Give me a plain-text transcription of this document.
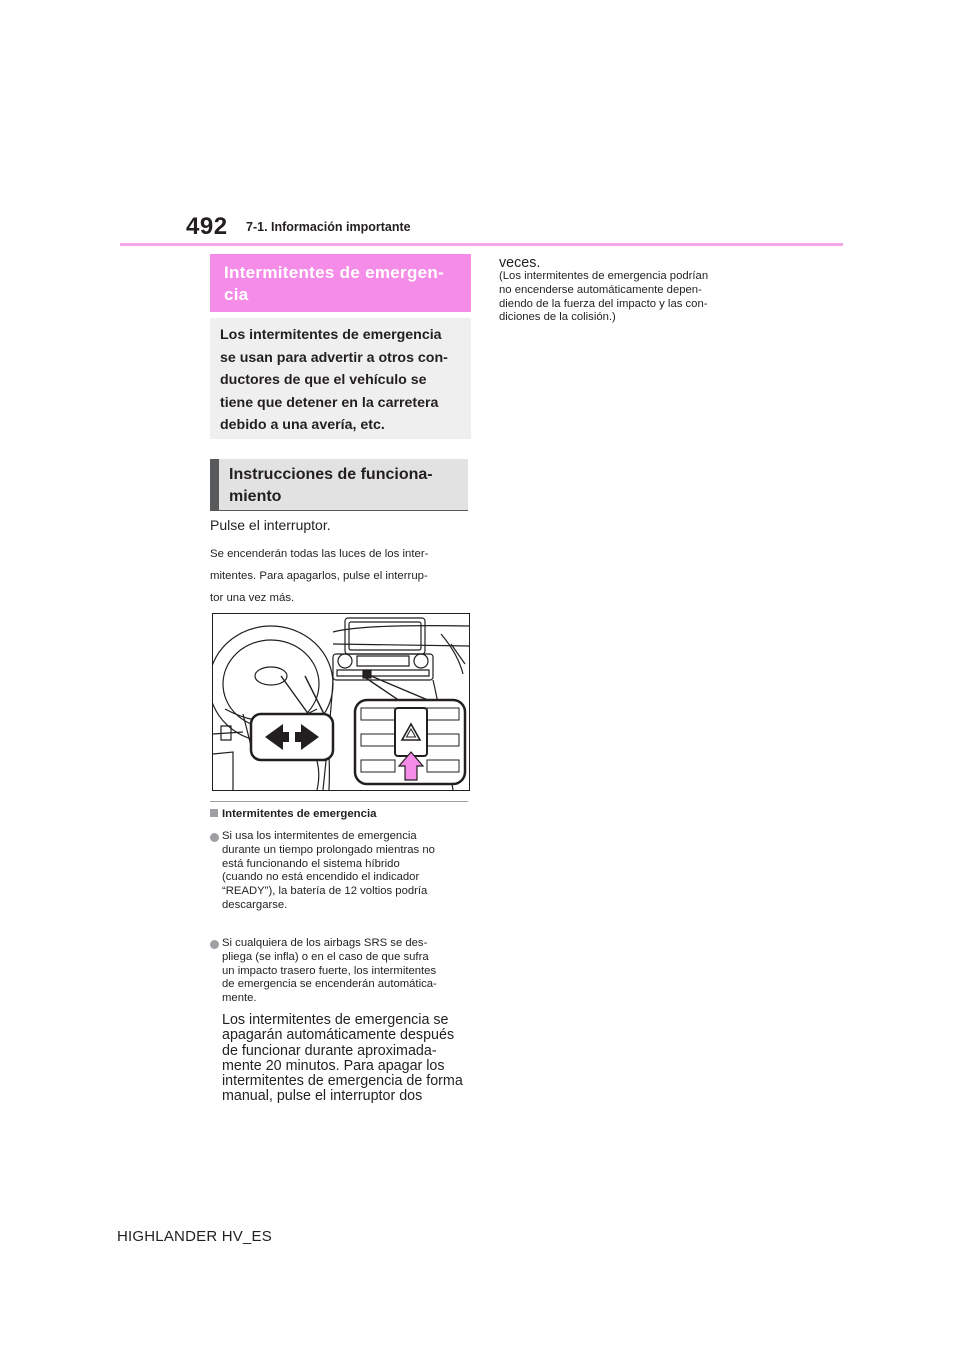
492 7-1. Información importante
Intermitentes de emergen-
cia
Los intermitentes de emergencia
se usan para advertir a otros con-
ductores de que el vehículo se
tiene que detener en la carretera
debido a una avería, etc.
Instrucciones de funciona-
miento
Pulse el interruptor.
Se encenderán todas las luces de los inter-
mitentes. Para apagarlos, pulse el interrup-
tor una vez más.
Intermitentes de emergencia
Si usa los intermitentes de emergencia
durante un tiempo prolongado mientras no
está funcionando el sistema híbrido
(cuando no está encendido el indicador
“READY”), la batería de 12 voltios podría
descargarse.
Si cualquiera de los airbags SRS se des-
pliega (se infla) o en el caso de que sufra
un impacto trasero fuerte, los intermitentes
de emergencia se encenderán automática-
mente.
Los intermitentes de emergencia se
apagarán automáticamente después
de funcionar durante aproximada-
mente 20 minutos. Para apagar los
intermitentes de emergencia de forma
manual, pulse el interruptor dos
veces.
(Los intermitentes de emergencia podrían
no encenderse automáticamente depen-
diendo de la fuerza del impacto y las con-
diciones de la colisión.)
HIGHLANDER HV_ES
